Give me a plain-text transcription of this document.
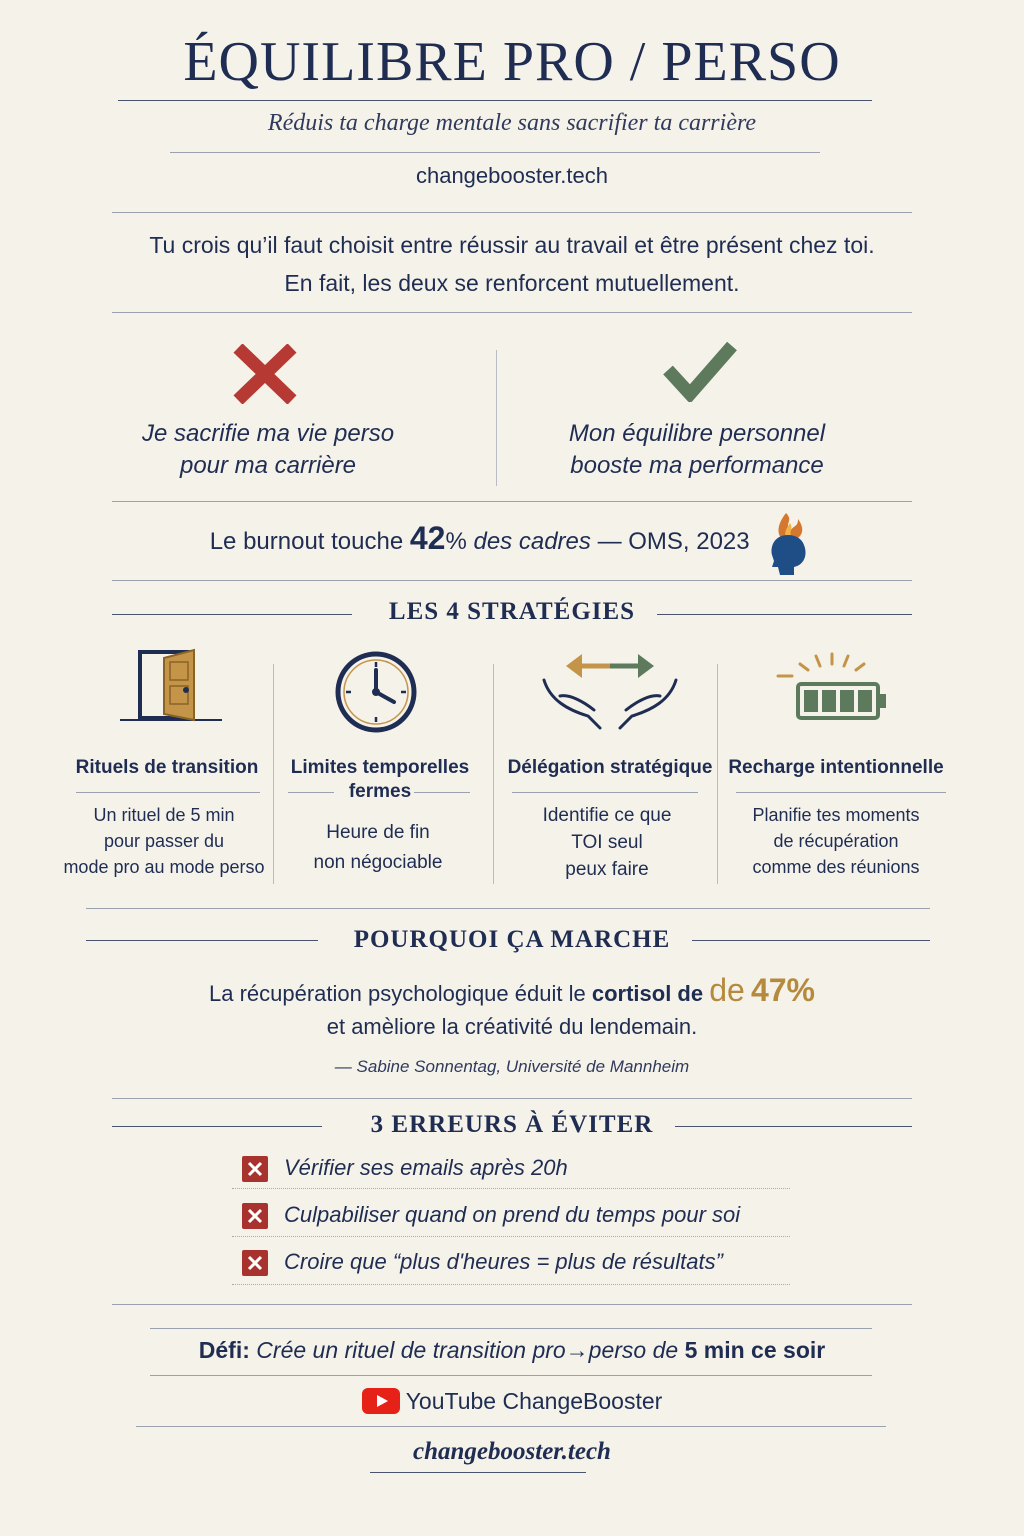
ÉQUILIBRE PRO / PERSO
Réduis ta charge mentale sans sacrifier ta carrière
changebooster.tech
Tu crois qu’il faut choisit entre réussir au travail et être présent chez toi.
En fait, les deux se renforcent mutuellement.
Je sacrifie ma vie perso
pour ma carrière
Mon équilibre personnel
booste ma performance
Le burnout touche 42% des cadres — OMS, 2023
LES 4 STRATÉGIES
Rituels de transition
Un rituel de 5 min
pour passer du
mode pro au mode perso
Limites temporelles fermes
Heure de fin
non négociable
Délégation stratégique
Identifie ce que
TOI seul
peux faire
Recharge intentionnelle
Planifie tes moments
de récupération
comme des réunions
POURQUOI ÇA MARCHE
La récupération psychologique éduit le cortisol de de 47%
et amèliore la créativité du lendemain.
— Sabine Sonnentag, Université de Mannheim
3 ERREURS À ÉVITER
Vérifier ses emails après 20h
Culpabiliser quand on prend du temps pour soi
Croire que “plus d'heures = plus de résultats”
Défi: Crée un rituel de transition pro→perso de 5 min ce soir
YouTube ChangeBooster
changebooster.tech
